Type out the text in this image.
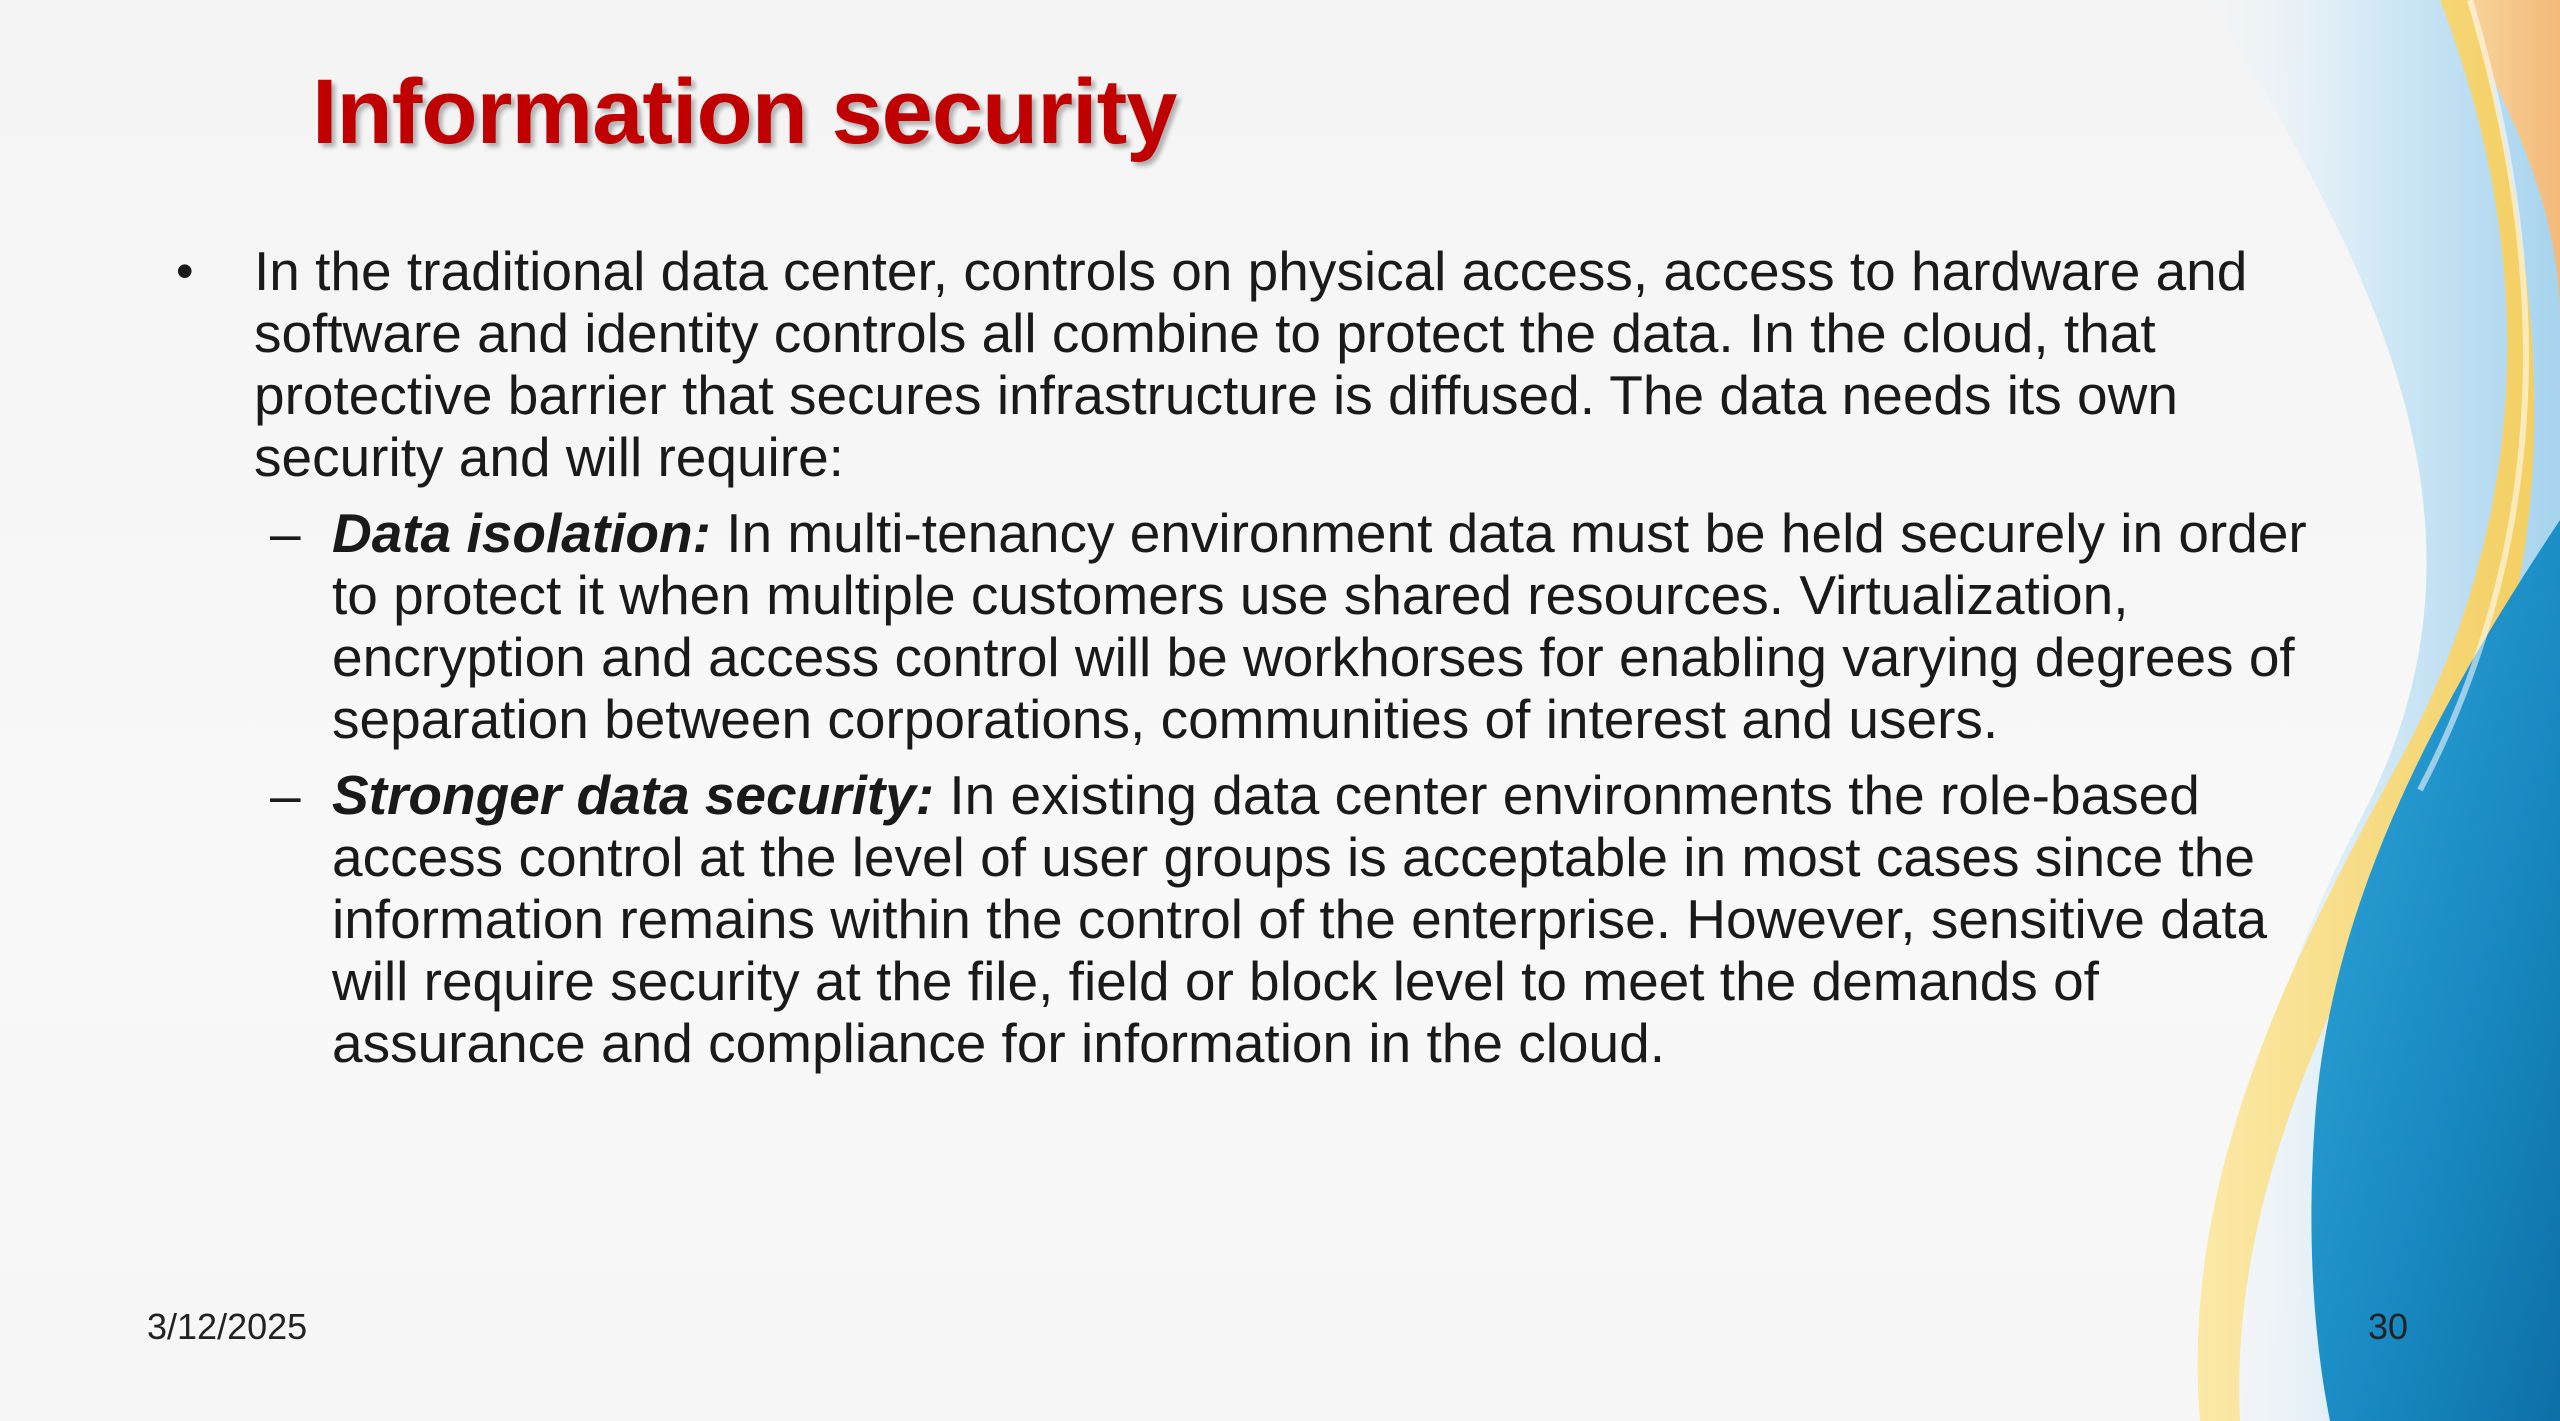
Information security
•	In the traditional data center, controls on physical access, access to hardware and software and identity controls all combine to protect the data. In the cloud, that protective barrier that secures infrastructure is diffused. The data needs its own security and will require:
– Data isolation: In multi-tenancy environment data must be held securely in order to protect it when multiple customers use shared resources. Virtualization, encryption and access control will be workhorses for enabling varying degrees of separation between corporations, communities of interest and users.
– Stronger data security: In existing data center environments the role-based access control at the level of user groups is acceptable in most cases since the information remains within the control of the enterprise. However, sensitive data will require security at the file, field or block level to meet the demands of assurance and compliance for information in the cloud.
3/12/2025	30
